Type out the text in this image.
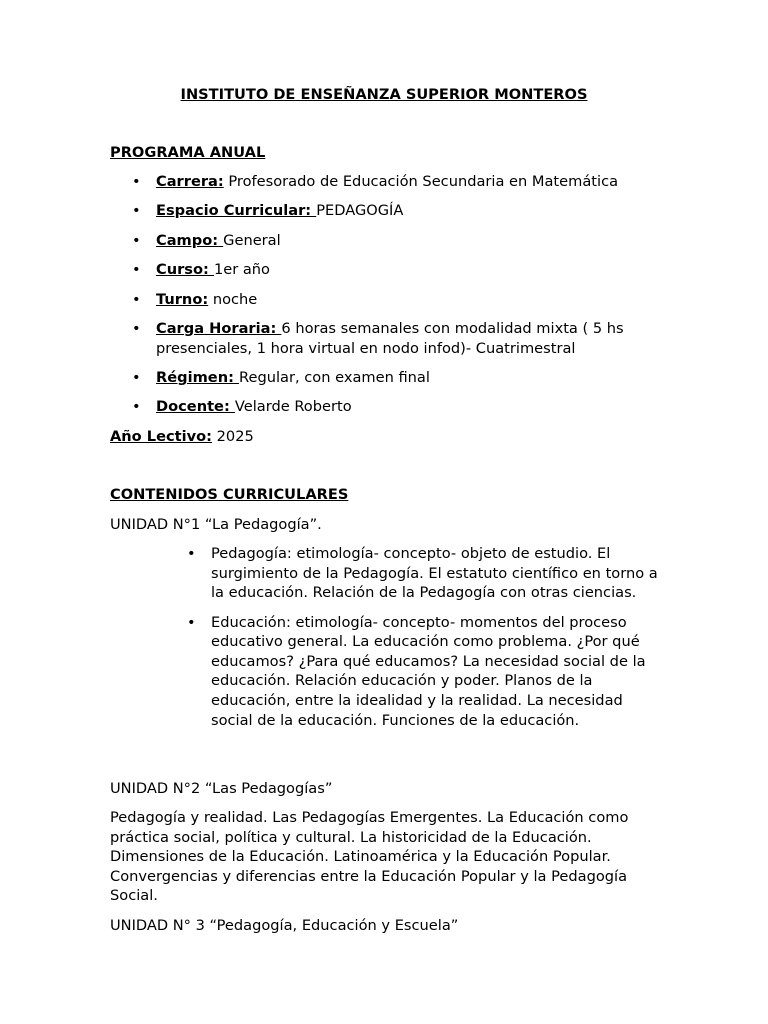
INSTITUTO DE ENSEÑANZA SUPERIOR MONTEROS
PROGRAMA ANUAL
• Carrera: Profesorado de Educación Secundaria en Matemática
• Espacio Curricular: PEDAGOGÍA
• Campo: General
• Curso: 1er año
• Turno: noche
• Carga Horaria: 6 horas semanales con modalidad mixta ( 5 hs presenciales, 1 hora virtual en nodo infod)- Cuatrimestral
• Régimen: Regular, con examen final
• Docente: Velarde Roberto
Año Lectivo: 2025
CONTENIDOS CURRICULARES
UNIDAD N°1 “La Pedagogía”.
• Pedagogía: etimología- concepto- objeto de estudio. El surgimiento de la Pedagogía. El estatuto científico en torno a la educación. Relación de la Pedagogía con otras ciencias.
• Educación: etimología- concepto- momentos del proceso educativo general. La educación como problema. ¿Por qué educamos? ¿Para qué educamos? La necesidad social de la educación. Relación educación y poder. Planos de la educación, entre la idealidad y la realidad. La necesidad social de la educación. Funciones de la educación.
UNIDAD N°2 “Las Pedagogías”
Pedagogía y realidad. Las Pedagogías Emergentes. La Educación como práctica social, política y cultural. La historicidad de la Educación. Dimensiones de la Educación. Latinoamérica y la Educación Popular. Convergencias y diferencias entre la Educación Popular y la Pedagogía Social.
UNIDAD N° 3 “Pedagogía, Educación y Escuela”
